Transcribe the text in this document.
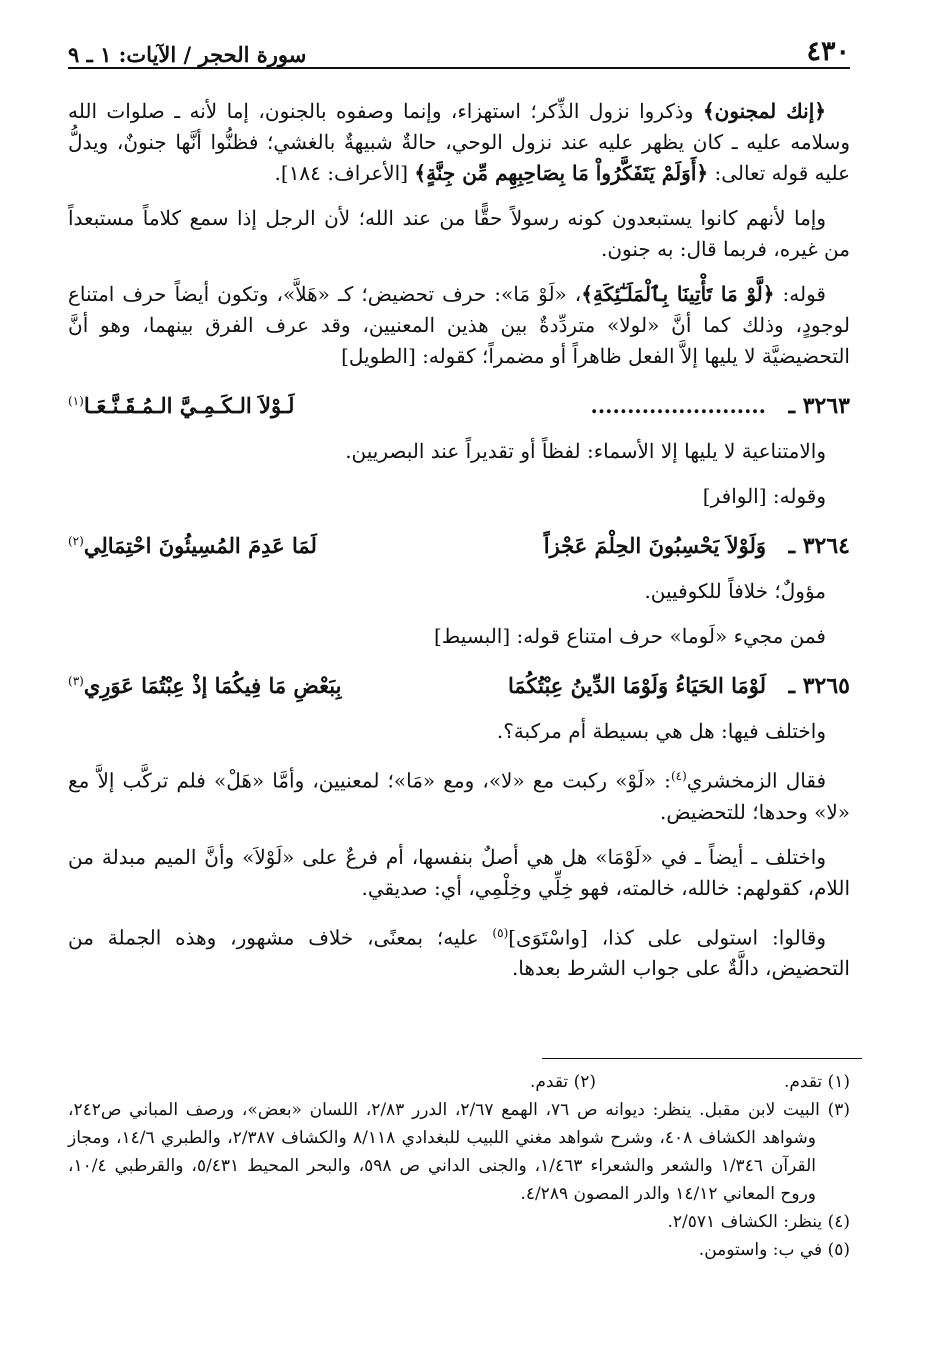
٤٣٠
سورة الحجر / الآيات: ١ ـ ٩

﴿إنك لمجنون﴾ وذكروا نزول الذِّكر؛ استهزاء، وإنما وصفوه بالجنون، إما لأنه ـ صلوات الله وسلامه عليه ـ كان يظهر عليه عند نزول الوحي، حالةٌ شبيهةٌ بالغشي؛ فظنُّوا أنَّها جنونٌ، ويدلُّ عليه قوله تعالى: ﴿أَوَلَمْ يَتَفَكَّرُواْ مَا بِصَاحِبِهِم مِّن جِنَّةٍ﴾ [الأعراف: ١٨٤].

وإما لأنهم كانوا يستبعدون كونه رسولاً حقًّا من عند الله؛ لأن الرجل إذا سمع كلاماً مستبعداً من غيره، فربما قال: به جنون.

قوله: ﴿لَّوْ مَا تَأْتِينَا بِٱلْمَلَـٰٓئِكَةِ﴾، «لَوْ مَا»: حرف تحضيض؛ كـ «هَلاَّ»، وتكون أيضاً حرف امتناع لوجودٍ، وذلك كما أنَّ «لولا» متردِّدةٌ بين هذين المعنيين، وقد عرف الفرق بينهما، وهو أنَّ التحضيضيَّة لا يليها إلاَّ الفعل ظاهراً أو مضمراً؛ كقوله: [الطويل]

٣٢٦٣ ـ
........................
لَـوْلاَ الـكَـمِـيَّ الـمُـقَـنَّـعَـا$^{(١)}$

والامتناعية لا يليها إلا الأسماء: لفظاً أو تقديراً عند البصريين.

وقوله: [الوافر]

٣٢٦٤ ـ
وَلَوْلاَ يَحْسِبُونَ الحِلْمَ عَجْزاً
لَمَا عَدِمَ المُسِيئُونَ احْتِمَالِي$^{(٢)}$

مؤولٌ؛ خلافاً للكوفيين.

فمن مجيء «لَوما» حرف امتناع قوله: [البسيط]

٣٢٦٥ ـ
لَوْمَا الحَيَاءُ وَلَوْمَا الدِّينُ عِبْتُكُمَا
بِبَعْضِ مَا فِيكُمَا إذْ عِبْتُمَا عَوَرِي$^{(٣)}$

واختلف فيها: هل هي بسيطة أم مركبة؟.

فقال الزمخشري$^{(٤)}$: «لَوْ» ركبت مع «لا»، ومع «مَا»؛ لمعنيين، وأمَّا «هَلْ» فلم تركَّب إلاَّ مع «لا» وحدها؛ للتحضيض.

واختلف ـ أيضاً ـ في «لَوْمَا» هل هي أصلٌ بنفسها، أم فرعٌ على «لَوْلاَ» وأنَّ الميم مبدلة من اللام، كقولهم: خالله، خالمته، فهو خِلِّي وخِلْمِي، أي: صديقي.

وقالوا: استولى على كذا، [واسْتَوَى]$^{(٥)}$ عليه؛ بمعنًى، خلاف مشهور، وهذه الجملة من التحضيض، دالَّةٌ على جواب الشرط بعدها.

(١) تقدم.

(٢) تقدم.

(٣) البيت لابن مقبل. ينظر: ديوانه ص ٧٦، الهمع ٢/٦٧، الدرر ٢/٨٣، اللسان «بعض»، ورصف المباني ص٢٤٢، وشواهد الكشاف ٤٠٨، وشرح شواهد مغني اللبيب للبغدادي ٨/١١٨ والكشاف ٢/٣٨٧، والطبري ١٤/٦، ومجاز القرآن ١/٣٤٦ والشعر والشعراء ١/٤٦٣، والجنى الداني ص ٥٩٨، والبحر المحيط ٥/٤٣١، والقرطبي ١٠/٤، وروح المعاني ١٤/١٢ والدر المصون ٤/٢٨٩.

(٤) ينظر: الكشاف ٢/٥٧١.

(٥) في ب: واستومن.
